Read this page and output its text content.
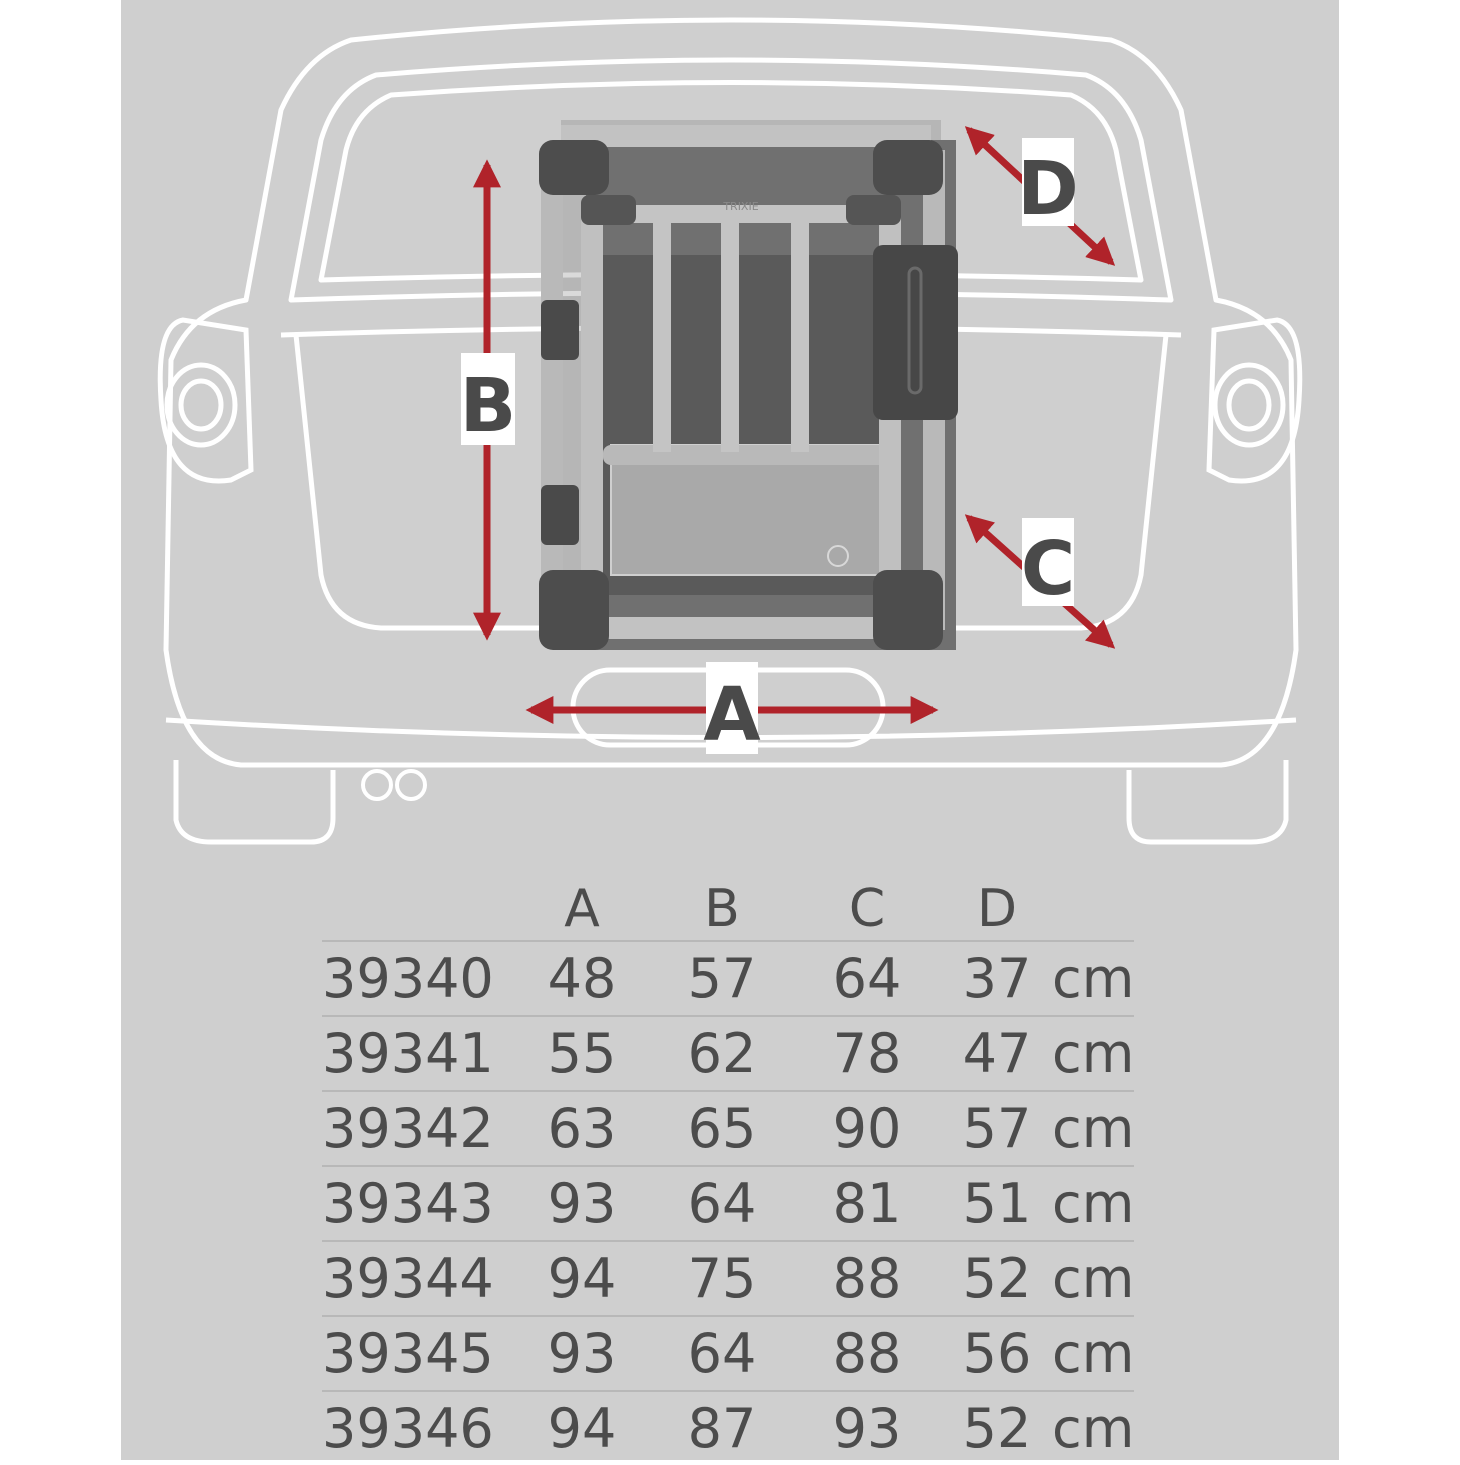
TRIXIE
B
A
D
C
	A	B	C	D	
39340	48	57	64	37	cm
39341	55	62	78	47	cm
39342	63	65	90	57	cm
39343	93	64	81	51	cm
39344	94	75	88	52	cm
39345	93	64	88	56	cm
39346	94	87	93	52	cm
